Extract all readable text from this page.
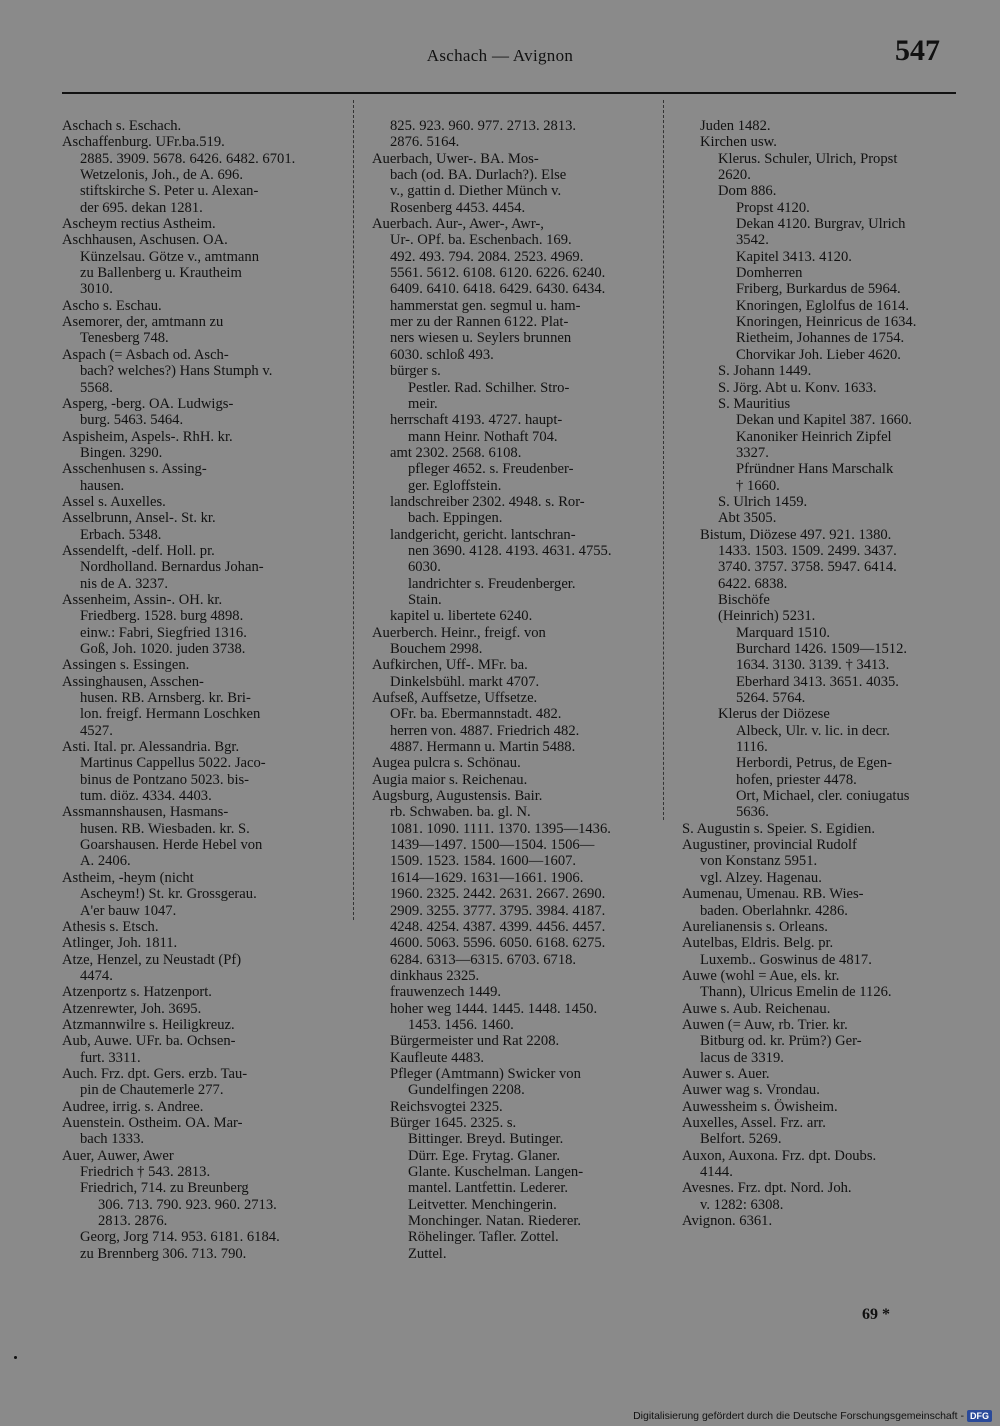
Aschach — Avignon	547
Aschach s. Eschach.
Aschaffenburg. UFr.ba.519.
2885. 3909. 5678. 6426. 6482. 6701.
Wetzelonis, Joh., de A. 696.
stiftskirche S. Peter u. Alexan-
der 695. dekan 1281.
Ascheym rectius Astheim.
Aschhausen, Aschusen. OA.
Künzelsau. Götze v., amtmann
zu Ballenberg u. Krautheim
3010.
Ascho s. Eschau.
Asemorer, der, amtmann zu
Tenesberg 748.
Aspach (= Asbach od. Asch-
bach? welches?) Hans Stumph v.
5568.
Asperg, -berg. OA. Ludwigs-
burg. 5463. 5464.
Aspisheim, Aspels-. RhH. kr.
Bingen. 3290.
Asschenhusen s. Assing-
hausen.
Assel s. Auxelles.
Asselbrunn, Ansel-. St. kr.
Erbach. 5348.
Assendelft, -delf. Holl. pr.
Nordholland. Bernardus Johan-
nis de A. 3237.
Assenheim, Assin-. OH. kr.
Friedberg. 1528. burg 4898.
einw.: Fabri, Siegfried 1316.
Goß, Joh. 1020. juden 3738.
Assingen s. Essingen.
Assinghausen, Asschen-
husen. RB. Arnsberg. kr. Bri-
lon. freigf. Hermann Loschken
4527.
Asti. Ital. pr. Alessandria. Bgr.
Martinus Cappellus 5022. Jaco-
binus de Pontzano 5023. bis-
tum. diöz. 4334. 4403.
Assmannshausen, Hasmans-
husen. RB. Wiesbaden. kr. S.
Goarshausen. Herde Hebel von
A. 2406.
Astheim, -heym (nicht
Ascheym!) St. kr. Grossgerau.
A'er bauw 1047.
Athesis s. Etsch.
Atlinger, Joh. 1811.
Atze, Henzel, zu Neustadt (Pf)
4474.
Atzenportz s. Hatzenport.
Atzenrewter, Joh. 3695.
Atzmannwilre s. Heiligkreuz.
Aub, Auwe. UFr. ba. Ochsen-
furt. 3311.
Auch. Frz. dpt. Gers. erzb. Tau-
pin de Chautemerle 277.
Audree, irrig. s. Andree.
Auenstein. Ostheim. OA. Mar-
bach 1333.
Auer, Auwer, Awer
Friedrich † 543. 2813.
Friedrich, 714. zu Breunberg
306. 713. 790. 923. 960. 2713.
2813. 2876.
Georg, Jorg 714. 953. 6181. 6184.
zu Brennberg 306. 713. 790.
825. 923. 960. 977. 2713. 2813.
2876. 5164.
Auerbach, Uwer-. BA. Mos-
bach (od. BA. Durlach?). Else
v., gattin d. Diether Münch v.
Rosenberg 4453. 4454.
Auerbach. Aur-, Awer-, Awr-,
Ur-. OPf. ba. Eschenbach. 169.
492. 493. 794. 2084. 2523. 4969.
5561. 5612. 6108. 6120. 6226. 6240.
6409. 6410. 6418. 6429. 6430. 6434.
hammerstat gen. segmul u. ham-
mer zu der Rannen 6122. Plat-
ners wiesen u. Seylers brunnen
6030. schloß 493.
bürger s.
Pestler. Rad. Schilher. Stro-
meir.
herrschaft 4193. 4727. haupt-
mann Heinr. Nothaft 704.
amt 2302. 2568. 6108.
pfleger 4652. s. Freudenber-
ger. Egloffstein.
landschreiber 2302. 4948. s. Ror-
bach. Eppingen.
landgericht, gericht. lantschran-
nen 3690. 4128. 4193. 4631. 4755.
6030.
landrichter s. Freudenberger.
Stain.
kapitel u. libertete 6240.
Auerberch. Heinr., freigf. von
Bouchem 2998.
Aufkirchen, Uff-. MFr. ba.
Dinkelsbühl. markt 4707.
Aufseß, Auffsetze, Uffsetze.
OFr. ba. Ebermannstadt. 482.
herren von. 4887. Friedrich 482.
4887. Hermann u. Martin 5488.
Augea pulcra s. Schönau.
Augia maior s. Reichenau.
Augsburg, Augustensis. Bair.
rb. Schwaben. ba. gl. N.
1081. 1090. 1111. 1370. 1395—1436.
1439—1497. 1500—1504. 1506—
1509. 1523. 1584. 1600—1607.
1614—1629. 1631—1661. 1906.
1960. 2325. 2442. 2631. 2667. 2690.
2909. 3255. 3777. 3795. 3984. 4187.
4248. 4254. 4387. 4399. 4456. 4457.
4600. 5063. 5596. 6050. 6168. 6275.
6284. 6313—6315. 6703. 6718.
dinkhaus 2325.
frauwenzech 1449.
hoher weg 1444. 1445. 1448. 1450.
1453. 1456. 1460.
Bürgermeister und Rat 2208.
Kaufleute 4483.
Pfleger (Amtmann) Swicker von
Gundelfingen 2208.
Reichsvogtei 2325.
Bürger 1645. 2325. s.
Bittinger. Breyd. Butinger.
Dürr. Ege. Frytag. Glaner.
Glante. Kuschelman. Langen-
mantel. Lantfettin. Lederer.
Leitvetter. Menchingerin.
Monchinger. Natan. Riederer.
Röhelinger. Tafler. Zottel.
Zuttel.
Juden 1482.
Kirchen usw.
Klerus. Schuler, Ulrich, Propst
2620.
Dom 886.
Propst 4120.
Dekan 4120. Burgrav, Ulrich
3542.
Kapitel 3413. 4120.
Domherren
Friberg, Burkardus de 5964.
Knoringen, Eglolfus de 1614.
Knoringen, Heinricus de 1634.
Rietheim, Johannes de 1754.
Chorvikar Joh. Lieber 4620.
S. Johann 1449.
S. Jörg. Abt u. Konv. 1633.
S. Mauritius
Dekan und Kapitel 387. 1660.
Kanoniker Heinrich Zipfel
3327.
Pfründner Hans Marschalk
† 1660.
S. Ulrich 1459.
Abt 3505.
Bistum, Diözese 497. 921. 1380.
1433. 1503. 1509. 2499. 3437.
3740. 3757. 3758. 5947. 6414.
6422. 6838.
Bischöfe
(Heinrich) 5231.
Marquard 1510.
Burchard 1426. 1509—1512.
1634. 3130. 3139. † 3413.
Eberhard 3413. 3651. 4035.
5264. 5764.
Klerus der Diözese
Albeck, Ulr. v. lic. in decr.
1116.
Herbordi, Petrus, de Egen-
hofen, priester 4478.
Ort, Michael, cler. coniugatus
5636.
S. Augustin s. Speier. S. Egidien.
Augustiner, provincial Rudolf
von Konstanz 5951.
vgl. Alzey. Hagenau.
Aumenau, Umenau. RB. Wies-
baden. Oberlahnkr. 4286.
Aurelianensis s. Orleans.
Autelbas, Eldris. Belg. pr.
Luxemb.. Goswinus de 4817.
Auwe (wohl = Aue, els. kr.
Thann), Ulricus Emelin de 1126.
Auwe s. Aub. Reichenau.
Auwen (= Auw, rb. Trier. kr.
Bitburg od. kr. Prüm?) Ger-
lacus de 3319.
Auwer s. Auer.
Auwer wag s. Vrondau.
Auwessheim s. Öwisheim.
Auxelles, Assel. Frz. arr.
Belfort. 5269.
Auxon, Auxona. Frz. dpt. Doubs.
4144.
Avesnes. Frz. dpt. Nord. Joh.
v. 1282: 6308.
Avignon. 6361.
69 *
Digitalisierung gefördert durch die Deutsche Forschungsgemeinschaft - DFG
